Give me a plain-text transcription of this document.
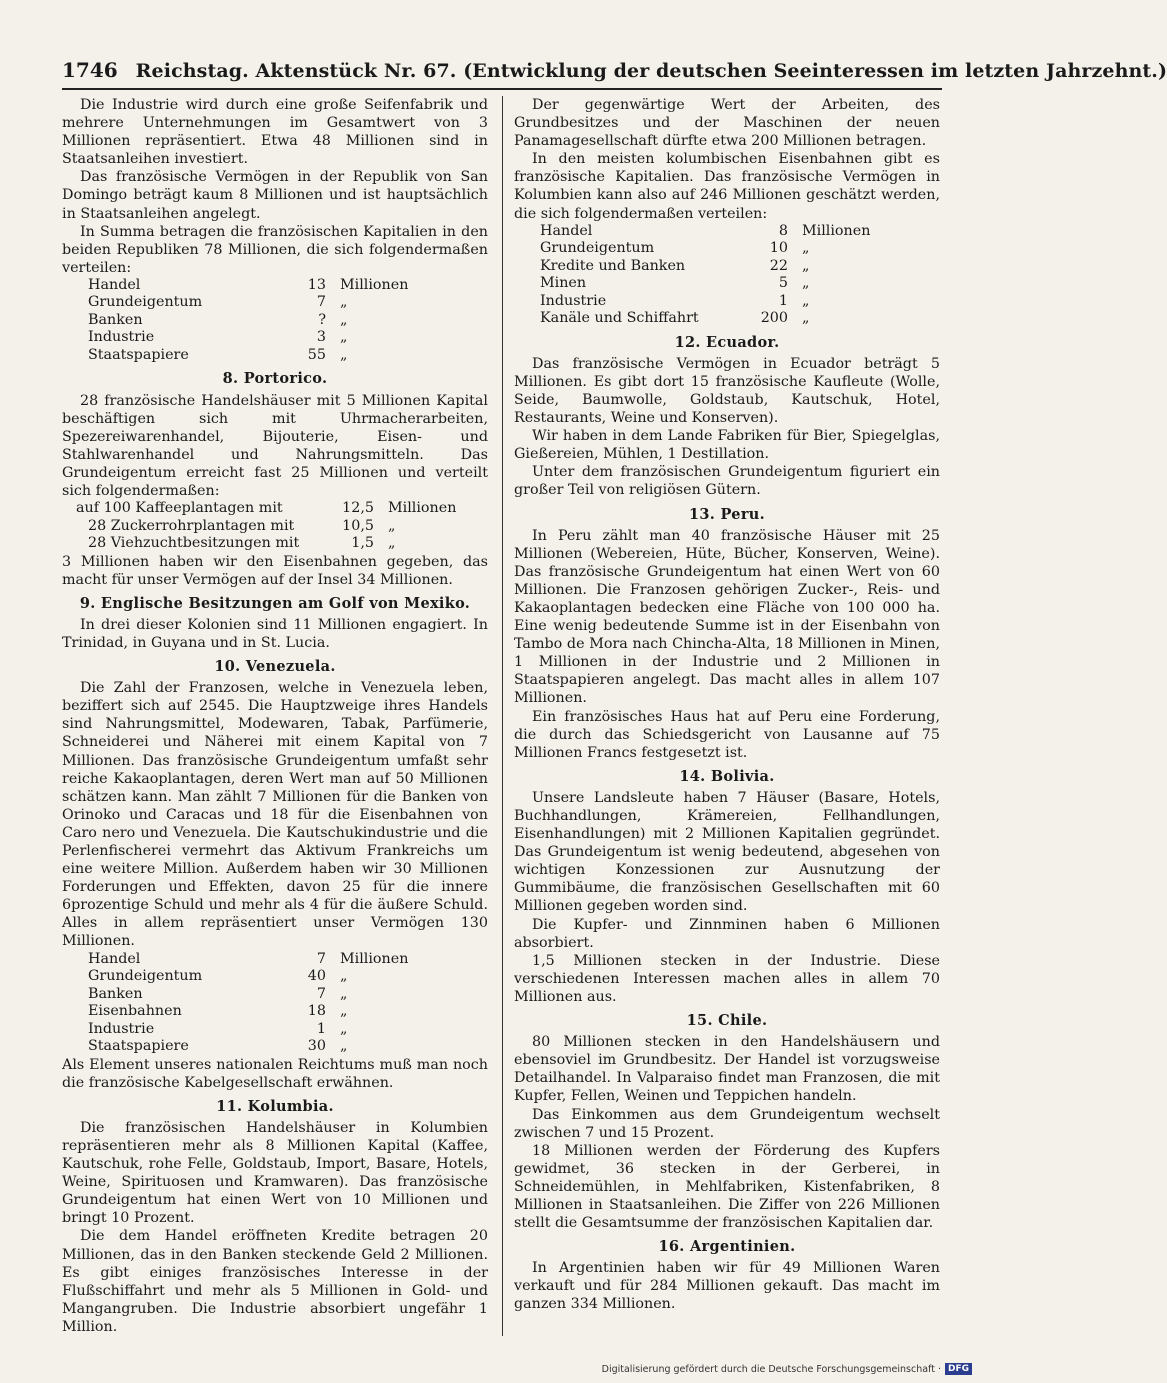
1746 Reichstag. Aktenstück Nr. 67. (Entwicklung der deutschen Seeinteressen im letzten Jahrzehnt.)

Die Industrie wird durch eine große Seifenfabrik und mehrere Unternehmungen im Gesamtwert von 3 Millionen repräsentiert. Etwa 48 Millionen sind in Staatsanleihen investiert.

Das französische Vermögen in der Republik von San Domingo beträgt kaum 8 Millionen und ist hauptsächlich in Staatsanleihen angelegt.

In Summa betragen die französischen Kapitalien in den beiden Republiken 78 Millionen, die sich folgendermaßen verteilen:

Handel	13	Millionen
Grundeigentum	7	„
Banken	?	„
Industrie	3	„
Staatspapiere	55	„
8. Portorico.

28 französische Handelshäuser mit 5 Millionen Kapital beschäftigen sich mit Uhrmacherarbeiten, Spezereiwarenhandel, Bijouterie, Eisen- und Stahlwarenhandel und Nahrungsmitteln. Das Grundeigentum erreicht fast 25 Millionen und verteilt sich folgendermaßen:

auf 100 Kaffeeplantagen mit	12,5	Millionen
28 Zuckerrohrplantagen mit	10,5	„
28 Viehzuchtbesitzungen mit	1,5	„

3 Millionen haben wir den Eisenbahnen gegeben, das macht für unser Vermögen auf der Insel 34 Millionen.

9. Englische Besitzungen am Golf von Mexiko.

In drei dieser Kolonien sind 11 Millionen engagiert. In Trinidad, in Guyana und in St. Lucia.

10. Venezuela.

Die Zahl der Franzosen, welche in Venezuela leben, beziffert sich auf 2545. Die Hauptzweige ihres Handels sind Nahrungsmittel, Modewaren, Tabak, Parfümerie, Schneiderei und Näherei mit einem Kapital von 7 Millionen. Das französische Grundeigentum umfaßt sehr reiche Kakaoplantagen, deren Wert man auf 50 Millionen schätzen kann. Man zählt 7 Millionen für die Banken von Orinoko und Caracas und 18 für die Eisenbahnen von Caro nero und Venezuela. Die Kautschukindustrie und die Perlenfischerei vermehrt das Aktivum Frankreichs um eine weitere Million. Außerdem haben wir 30 Millionen Forderungen und Effekten, davon 25 für die innere 6prozentige Schuld und mehr als 4 für die äußere Schuld. Alles in allem repräsentiert unser Vermögen 130 Millionen.

Handel	7	Millionen
Grundeigentum	40	„
Banken	7	„
Eisenbahnen	18	„
Industrie	1	„
Staatspapiere	30	„

Als Element unseres nationalen Reichtums muß man noch die französische Kabelgesellschaft erwähnen.

11. Kolumbia.

Die französischen Handelshäuser in Kolumbien repräsentieren mehr als 8 Millionen Kapital (Kaffee, Kautschuk, rohe Felle, Goldstaub, Import, Basare, Hotels, Weine, Spirituosen und Kramwaren). Das französische Grundeigentum hat einen Wert von 10 Millionen und bringt 10 Prozent.

Die dem Handel eröffneten Kredite betragen 20 Millionen, das in den Banken steckende Geld 2 Millionen. Es gibt einiges französisches Interesse in der Flußschiffahrt und mehr als 5 Millionen in Gold- und Mangangruben. Die Industrie absorbiert ungefähr 1 Million.

Der gegenwärtige Wert der Arbeiten, des Grundbesitzes und der Maschinen der neuen Panamagesellschaft dürfte etwa 200 Millionen betragen.

In den meisten kolumbischen Eisenbahnen gibt es französische Kapitalien. Das französische Vermögen in Kolumbien kann also auf 246 Millionen geschätzt werden, die sich folgendermaßen verteilen:

Handel	8	Millionen
Grundeigentum	10	„
Kredite und Banken	22	„
Minen	5	„
Industrie	1	„
Kanäle und Schiffahrt	200	„
12. Ecuador.

Das französische Vermögen in Ecuador beträgt 5 Millionen. Es gibt dort 15 französische Kaufleute (Wolle, Seide, Baumwolle, Goldstaub, Kautschuk, Hotel, Restaurants, Weine und Konserven).

Wir haben in dem Lande Fabriken für Bier, Spiegelglas, Gießereien, Mühlen, 1 Destillation.

Unter dem französischen Grundeigentum figuriert ein großer Teil von religiösen Gütern.

13. Peru.

In Peru zählt man 40 französische Häuser mit 25 Millionen (Webereien, Hüte, Bücher, Konserven, Weine). Das französische Grundeigentum hat einen Wert von 60 Millionen. Die Franzosen gehörigen Zucker-, Reis- und Kakaoplantagen bedecken eine Fläche von 100 000 ha. Eine wenig bedeutende Summe ist in der Eisenbahn von Tambo de Mora nach Chincha-Alta, 18 Millionen in Minen, 1 Millionen in der Industrie und 2 Millionen in Staatspapieren angelegt. Das macht alles in allem 107 Millionen.

Ein französisches Haus hat auf Peru eine Forderung, die durch das Schiedsgericht von Lausanne auf 75 Millionen Francs festgesetzt ist.

14. Bolivia.

Unsere Landsleute haben 7 Häuser (Basare, Hotels, Buchhandlungen, Krämereien, Fellhandlungen, Eisenhandlungen) mit 2 Millionen Kapitalien gegründet. Das Grundeigentum ist wenig bedeutend, abgesehen von wichtigen Konzessionen zur Ausnutzung der Gummibäume, die französischen Gesellschaften mit 60 Millionen gegeben worden sind.

Die Kupfer- und Zinnminen haben 6 Millionen absorbiert.

1,5 Millionen stecken in der Industrie. Diese verschiedenen Interessen machen alles in allem 70 Millionen aus.

15. Chile.

80 Millionen stecken in den Handelshäusern und ebensoviel im Grundbesitz. Der Handel ist vorzugsweise Detailhandel. In Valparaiso findet man Franzosen, die mit Kupfer, Fellen, Weinen und Teppichen handeln.

Das Einkommen aus dem Grundeigentum wechselt zwischen 7 und 15 Prozent.

18 Millionen werden der Förderung des Kupfers gewidmet, 36 stecken in der Gerberei, in Schneidemühlen, in Mehlfabriken, Kistenfabriken, 8 Millionen in Staatsanleihen. Die Ziffer von 226 Millionen stellt die Gesamtsumme der französischen Kapitalien dar.

16. Argentinien.

In Argentinien haben wir für 49 Millionen Waren verkauft und für 284 Millionen gekauft. Das macht im ganzen 334 Millionen.

Digitalisierung gefördert durch die Deutsche Forschungsgemeinschaft · DFG
